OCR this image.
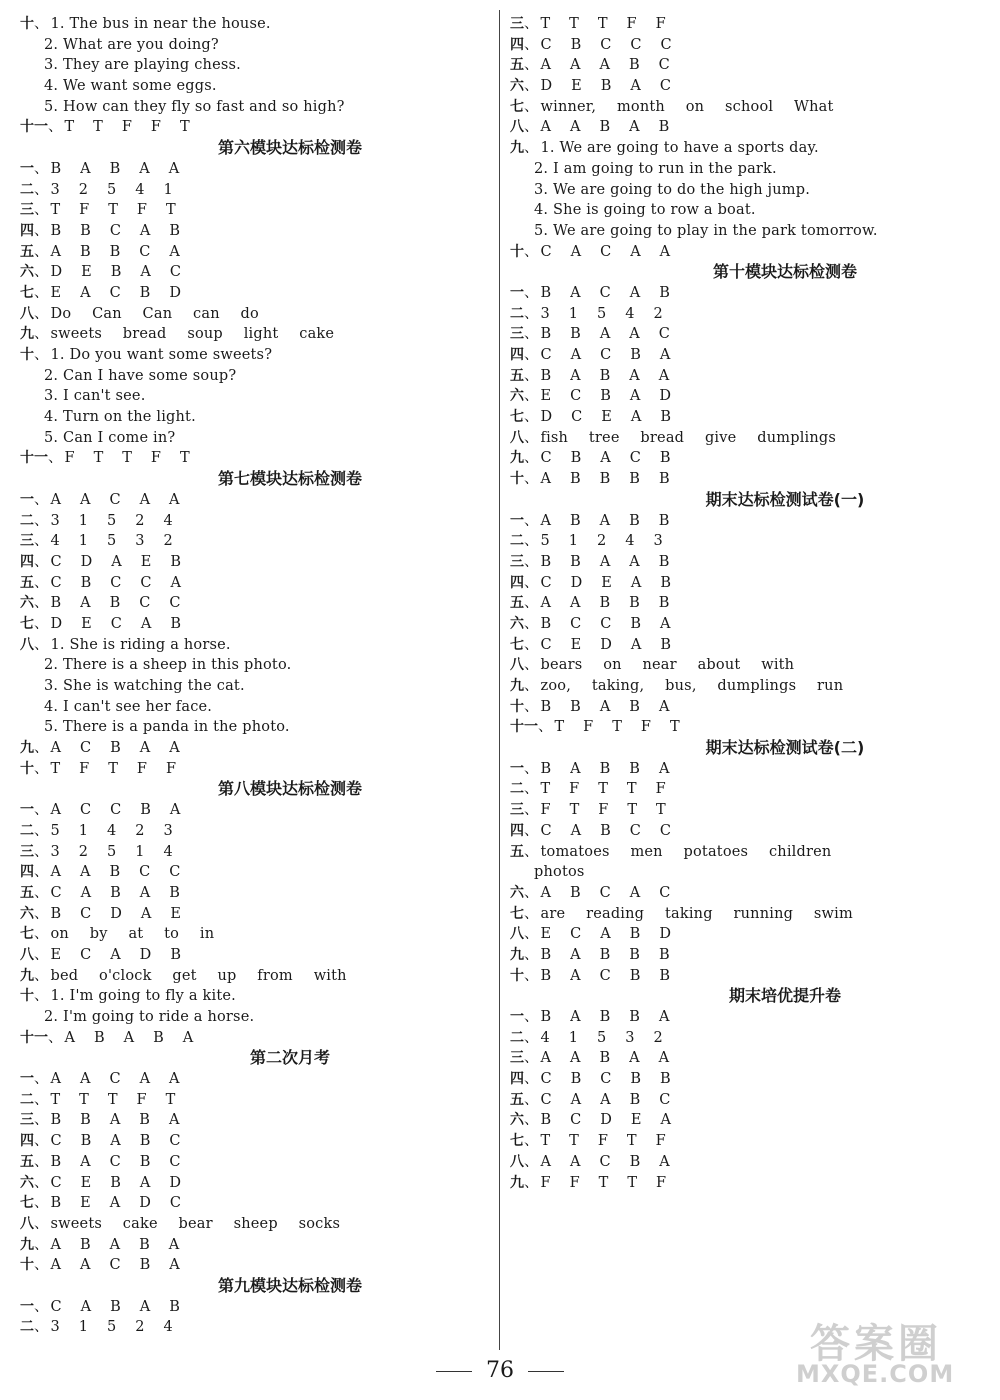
十、 1. The bus in near the house.
2. What are you doing?
3. They are playing chess.
4. We want some eggs.
5. How can they fly so fast and so high?
十一、 T T F F T
第六模块达标检测卷
一、 B A B A A
二、 3 2 5 4 1
三、 T F T F T
四、 B B C A B
五、 A B B C A
六、 D E B A C
七、 E A C B D
八、 Do Can Can can do
九、 sweets bread soup light cake
十、 1. Do you want some sweets?
2. Can I have some soup?
3. I can't see.
4. Turn on the light.
5. Can I come in?
十一、 F T T F T
第七模块达标检测卷
一、 A A C A A
二、 3 1 5 2 4
三、 4 1 5 3 2
四、 C D A E B
五、 C B C C A
六、 B A B C C
七、 D E C A B
八、 1. She is riding a horse.
2. There is a sheep in this photo.
3. She is watching the cat.
4. I can't see her face.
5. There is a panda in the photo.
九、 A C B A A
十、 T F T F F
第八模块达标检测卷
一、 A C C B A
二、 5 1 4 2 3
三、 3 2 5 1 4
四、 A A B C C
五、 C A B A B
六、 B C D A E
七、 on by at to in
八、 E C A D B
九、 bed o'clock get up from with
十、 1. I'm going to fly a kite.
2. I'm going to ride a horse.
十一、 A B A B A
第二次月考
一、 A A C A A
二、 T T T F T
三、 B B A B A
四、 C B A B C
五、 B A C B C
六、 C E B A D
七、 B E A D C
八、 sweets cake bear sheep socks
九、 A B A B A
十、 A A C B A
第九模块达标检测卷
一、 C A B A B
二、 3 1 5 2 4
三、 T T T F F
四、 C B C C C
五、 A A A B C
六、 D E B A C
七、 winner, month on school What
八、 A A B A B
九、 1. We are going to have a sports day.
2. I am going to run in the park.
3. We are going to do the high jump.
4. She is going to row a boat.
5. We are going to play in the park tomorrow.
十、 C A C A A
第十模块达标检测卷
一、 B A C A B
二、 3 1 5 4 2
三、 B B A A C
四、 C A C B A
五、 B A B A A
六、 E C B A D
七、 D C E A B
八、 fish tree bread give dumplings
九、 C B A C B
十、 A B B B B
期末达标检测试卷(一)
一、 A B A B B
二、 5 1 2 4 3
三、 B B A A B
四、 C D E A B
五、 A A B B B
六、 B C C B A
七、 C E D A B
八、 bears on near about with
九、 zoo, taking, bus, dumplings run
十、 B B A B A
十一、 T F T F T
期末达标检测试卷(二)
一、 B A B B A
二、 T F T T F
三、 F T F T T
四、 C A B C C
五、 tomatoes men potatoes children
photos
六、 A B C A C
七、 are reading taking running swim
八、 E C A B D
九、 B A B B B
十、 B A C B B
期末培优提升卷
一、 B A B B A
二、 4 1 5 3 2
三、 A A B A A
四、 C B C B B
五、 C A A B C
六、 B C D E A
七、 T T F T F
八、 A A C B A
九、 F F T T F
76
答案圈
MXQE.COM
